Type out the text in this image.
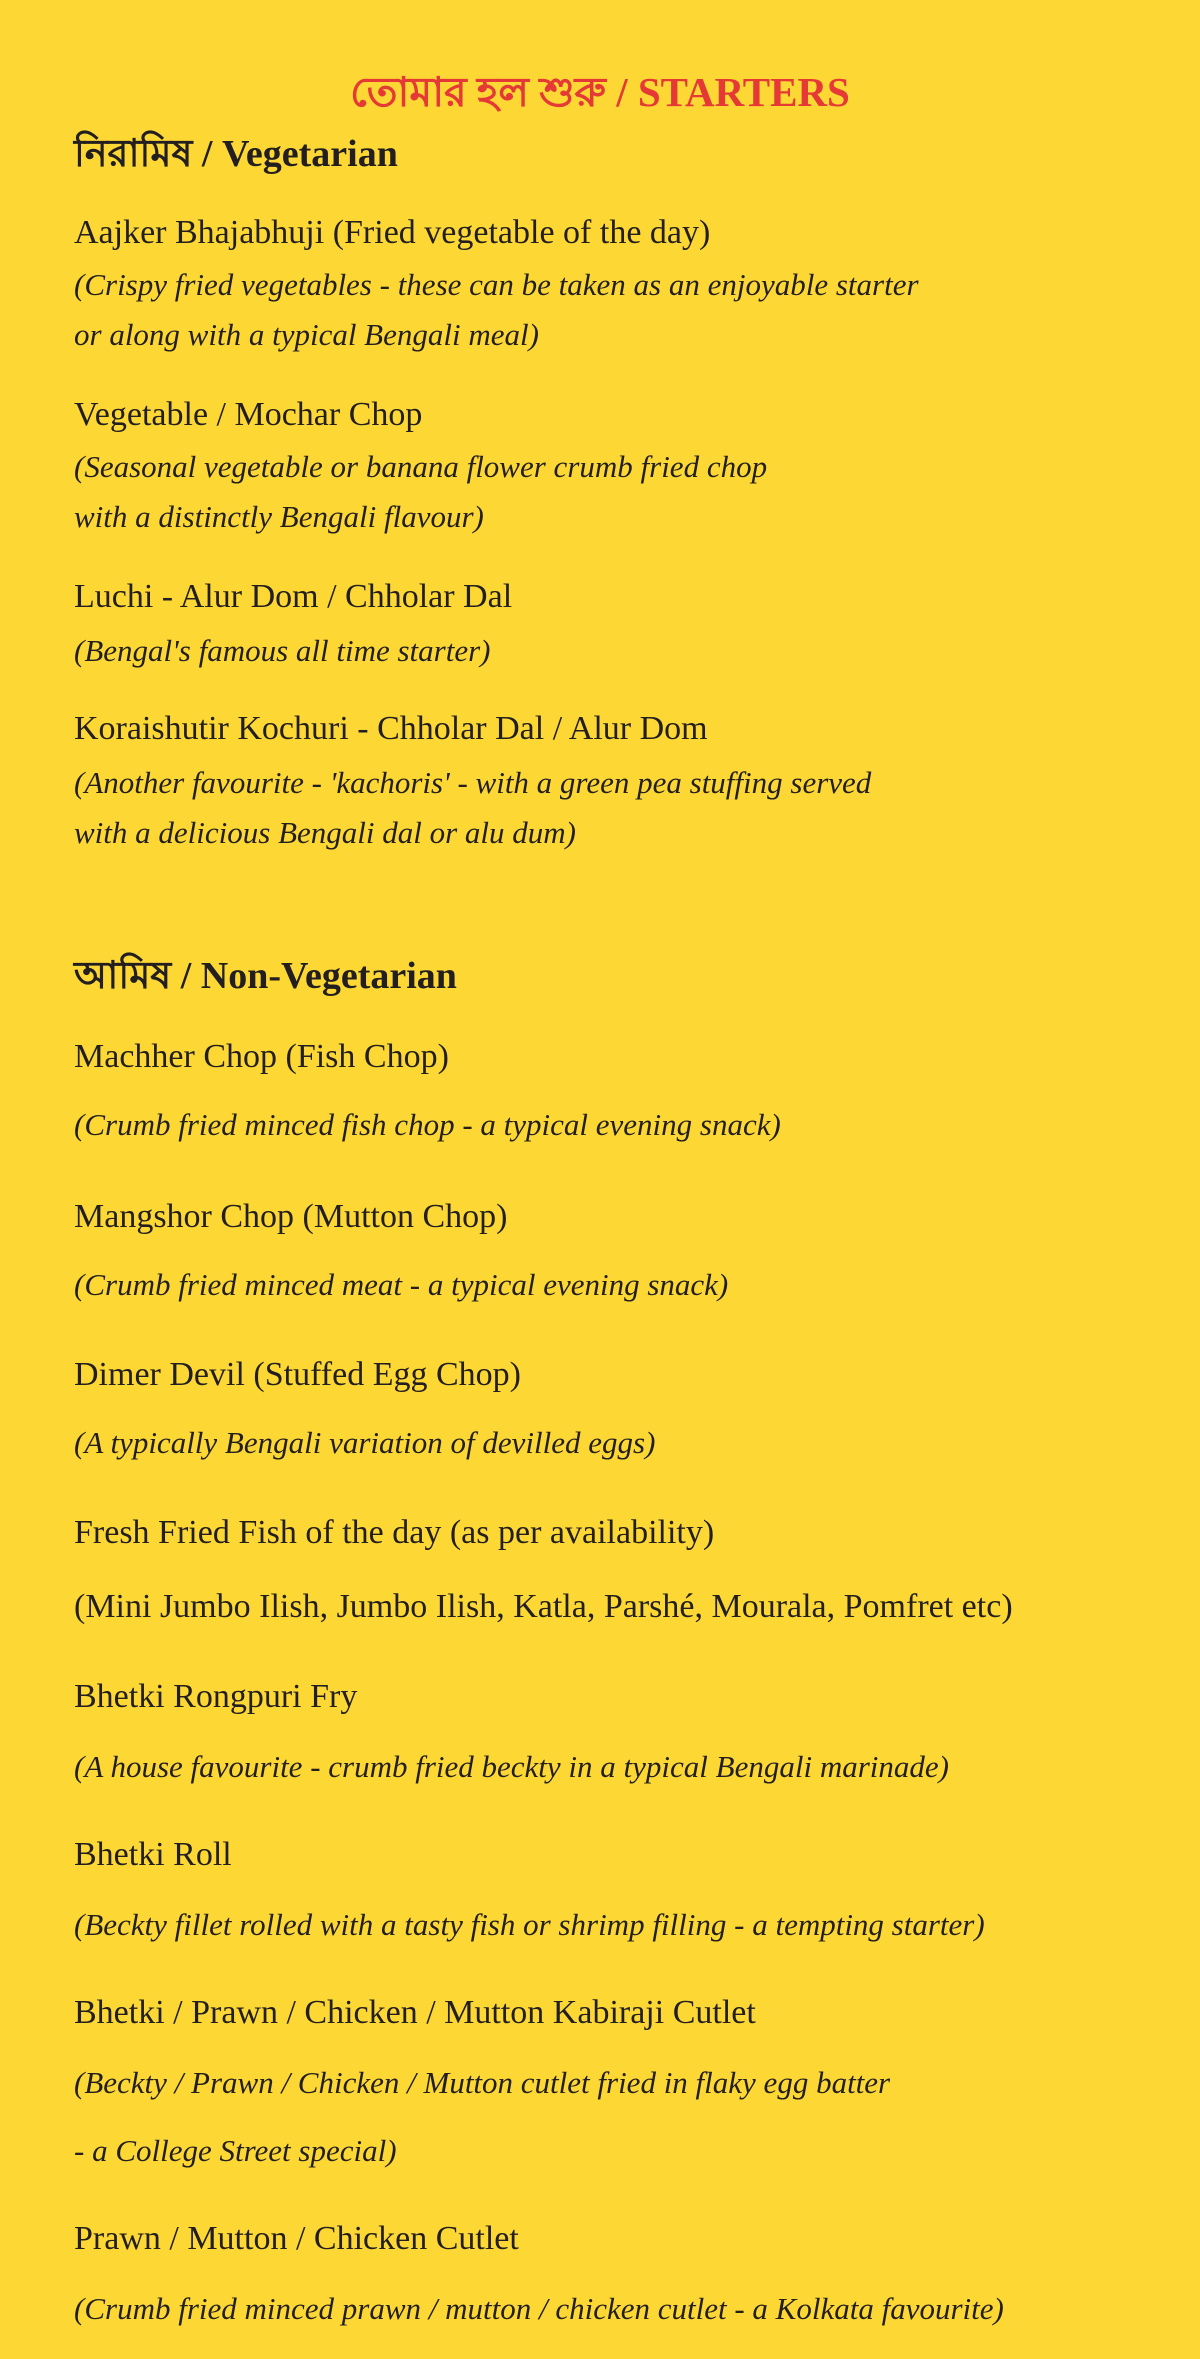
তোমার হল শুরু / STARTERS
নিরামিষ / Vegetarian
Aajker Bhajabhuji (Fried vegetable of the day)
(Crispy fried vegetables - these can be taken as an enjoyable starter
or along with a typical Bengali meal)
Vegetable / Mochar Chop
(Seasonal vegetable or banana flower crumb fried chop
with a distinctly Bengali flavour)
Luchi - Alur Dom / Chholar Dal
(Bengal's famous all time starter)
Koraishutir Kochuri - Chholar Dal / Alur Dom
(Another favourite - 'kachoris' - with a green pea stuffing served
with a delicious Bengali dal or alu dum)
আমিষ / Non-Vegetarian
Machher Chop (Fish Chop)
(Crumb fried minced fish chop - a typical evening snack)
Mangshor Chop (Mutton Chop)
(Crumb fried minced meat - a typical evening snack)
Dimer Devil (Stuffed Egg Chop)
(A typically Bengali variation of devilled eggs)
Fresh Fried Fish of the day (as per availability)
(Mini Jumbo Ilish, Jumbo Ilish, Katla, Parshé, Mourala, Pomfret etc)
Bhetki Rongpuri Fry
(A house favourite - crumb fried beckty in a typical Bengali marinade)
Bhetki Roll
(Beckty fillet rolled with a tasty fish or shrimp filling - a tempting starter)
Bhetki / Prawn / Chicken / Mutton Kabiraji Cutlet
(Beckty / Prawn / Chicken / Mutton cutlet fried in flaky egg batter
- a College Street special)
Prawn / Mutton / Chicken Cutlet
(Crumb fried minced prawn / mutton / chicken cutlet - a Kolkata favourite)
